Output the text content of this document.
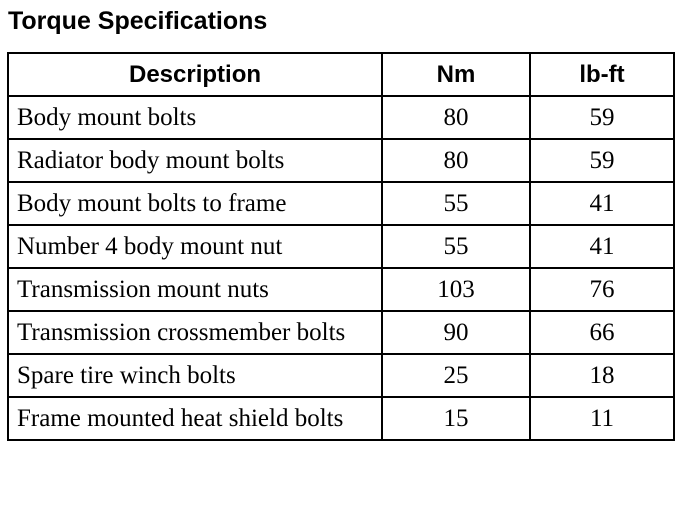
Torque Specifications
Description	Nm	lb-ft
Body mount bolts	80	59
Radiator body mount bolts	80	59
Body mount bolts to frame	55	41
Number 4 body mount nut	55	41
Transmission mount nuts	103	76
Transmission crossmember bolts	90	66
Spare tire winch bolts	25	18
Frame mounted heat shield bolts	15	11
